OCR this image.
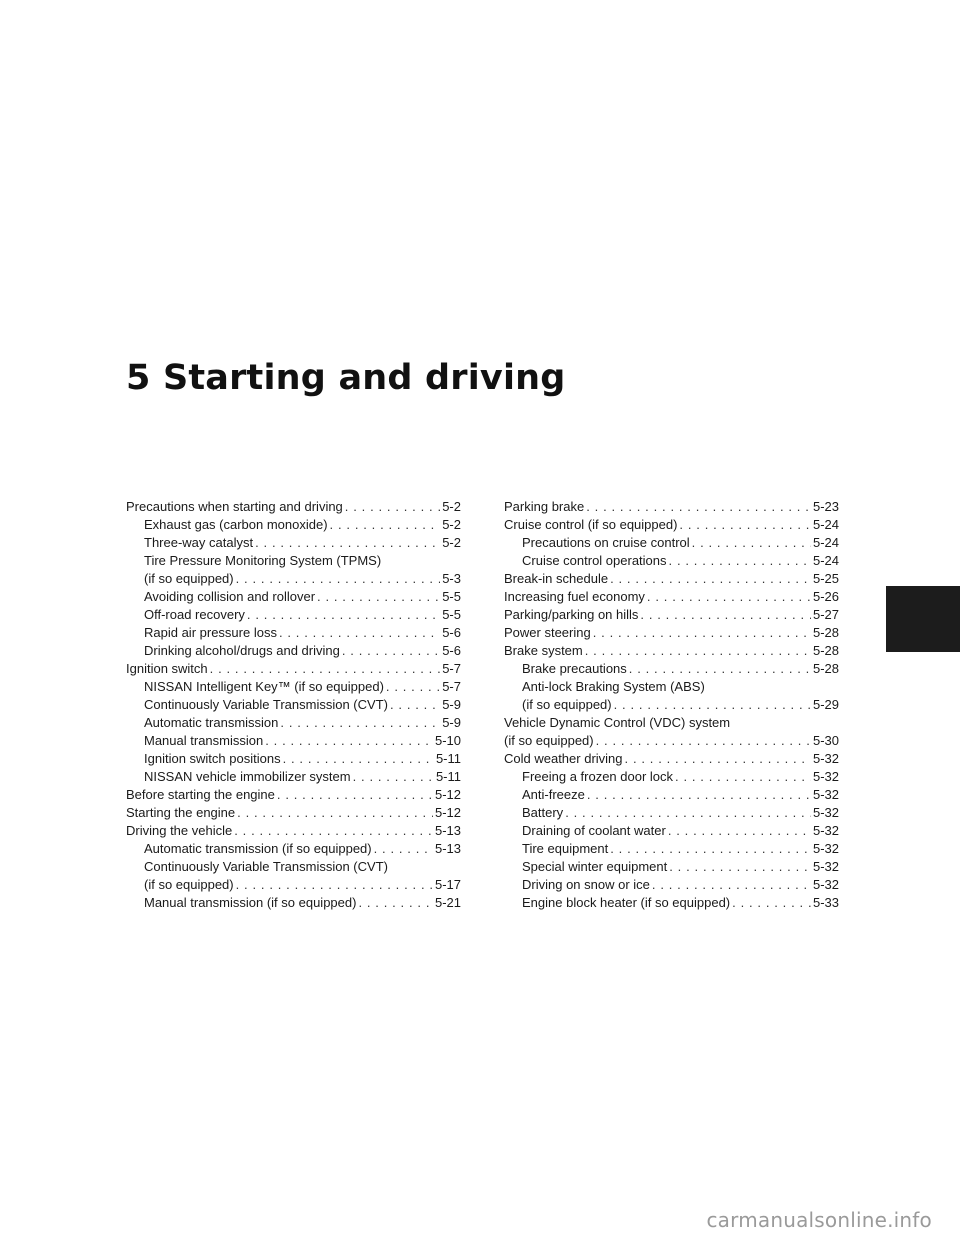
5 Starting and driving
Precautions when starting and driving . . .	5-2
Exhaust gas (carbon monoxide) . . .	5-2
Three-way catalyst . . .	5-2
Tire Pressure Monitoring System (TPMS)
(if so equipped) . . .	5-3
Avoiding collision and rollover . . .	5-5
Off-road recovery . . .	5-5
Rapid air pressure loss . . .	5-6
Drinking alcohol/drugs and driving . . .	5-6
Ignition switch . . .	5-7
NISSAN Intelligent Key™ (if so equipped) . . .	5-7
Continuously Variable Transmission (CVT) . . .	5-9
Automatic transmission . . .	5-9
Manual transmission . . .	5-10
Ignition switch positions . . .	5-11
NISSAN vehicle immobilizer system . . .	5-11
Before starting the engine . . .	5-12
Starting the engine . . .	5-12
Driving the vehicle . . .	5-13
Automatic transmission (if so equipped) . . .	5-13
Continuously Variable Transmission (CVT)
(if so equipped) . . .	5-17
Manual transmission (if so equipped) . . .	5-21
Parking brake . . .	5-23
Cruise control (if so equipped) . . .	5-24
Precautions on cruise control . . .	5-24
Cruise control operations . . .	5-24
Break-in schedule . . .	5-25
Increasing fuel economy . . .	5-26
Parking/parking on hills . . .	5-27
Power steering . . .	5-28
Brake system . . .	5-28
Brake precautions . . .	5-28
Anti-lock Braking System (ABS)
(if so equipped) . . .	5-29
Vehicle Dynamic Control (VDC) system
(if so equipped) . . .	5-30
Cold weather driving . . .	5-32
Freeing a frozen door lock . . .	5-32
Anti-freeze . . .	5-32
Battery . . .	5-32
Draining of coolant water . . .	5-32
Tire equipment . . .	5-32
Special winter equipment . . .	5-32
Driving on snow or ice . . .	5-32
Engine block heater (if so equipped) . . .	5-33
carmanualsonline.info
